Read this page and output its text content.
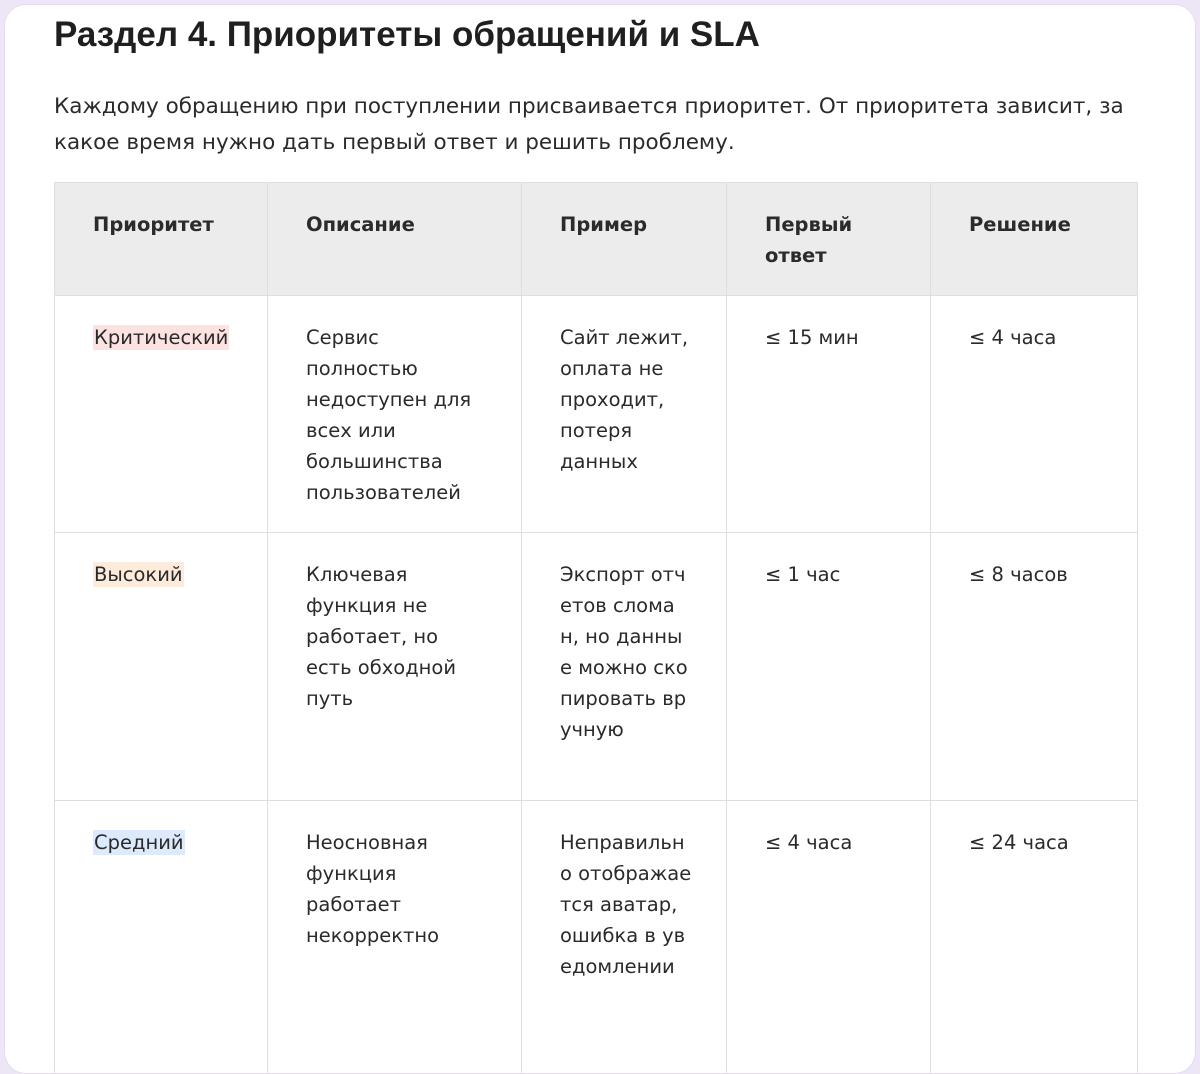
Раздел 4. Приоритеты обращений и SLA

Каждому обращению при поступлении присваивается приоритет. От приоритета зависит, за какое время нужно дать первый ответ и решить проблему.

Приоритет	Описание	Пример	Первый ответ	Решение
Критический	Сервис полностью недоступен для всех или большинства пользователей	Сайт лежит, оплата не проходит, потеря данных	≤ 15 мин	≤ 4 часа
Высокий	Ключевая функция не работает, но есть обходной путь	Экспорт отчетов сломан, но данные можно скопировать вручную	≤ 1 час	≤ 8 часов
Средний	Неосновная функция работает некорректно	Неправильно отображается аватар, ошибка в уведомлении	≤ 4 часа	≤ 24 часа
